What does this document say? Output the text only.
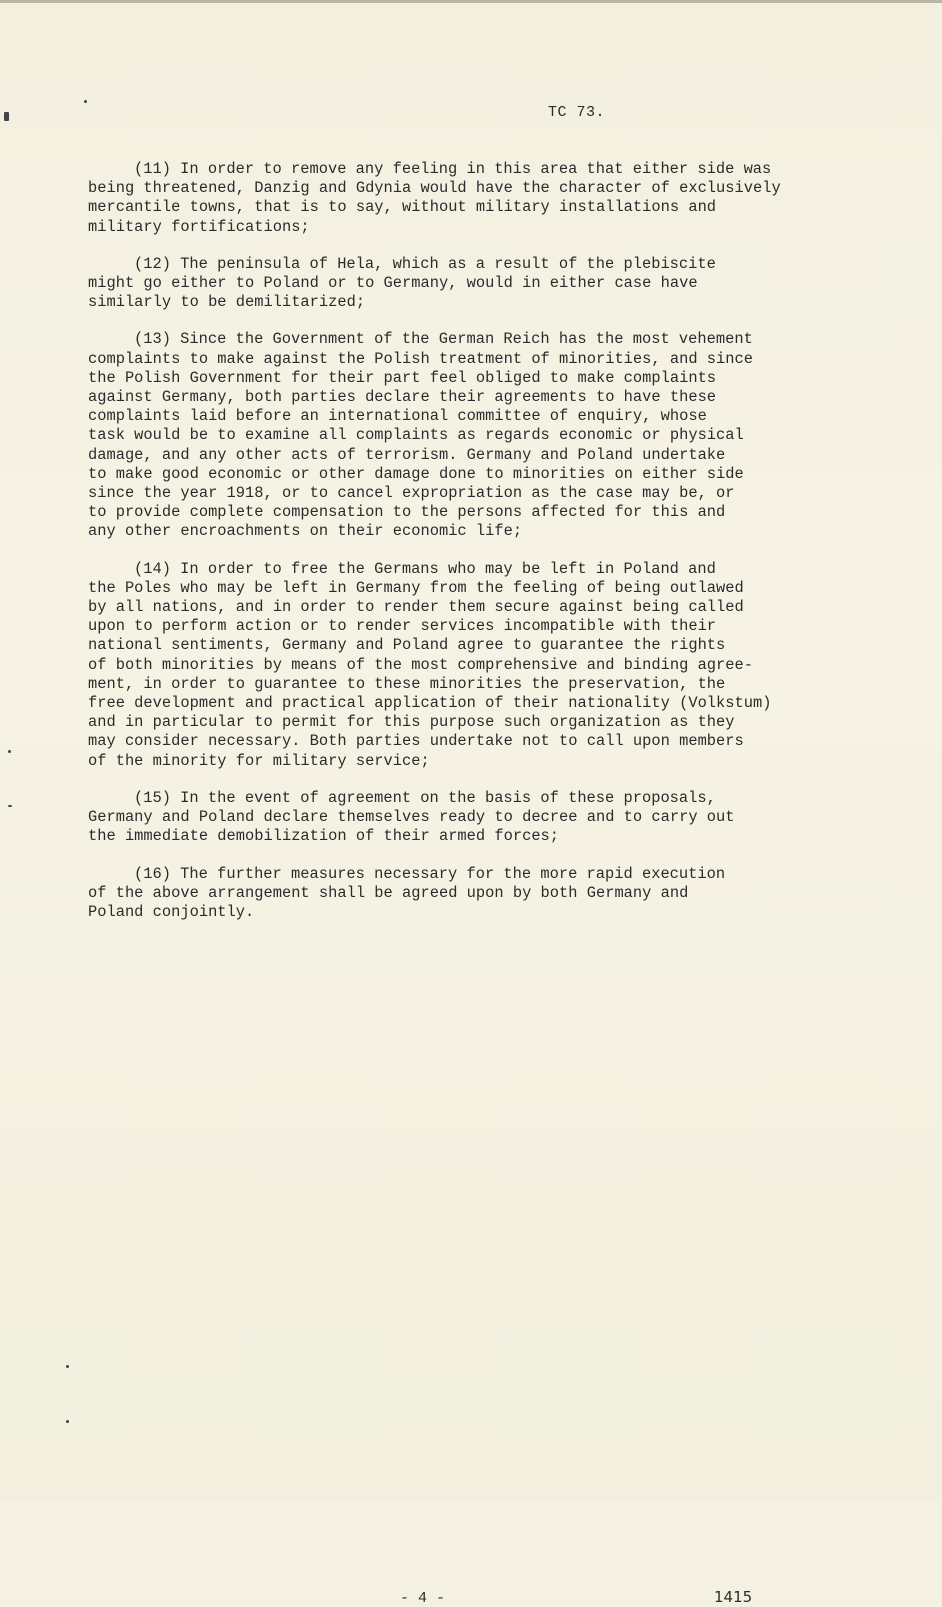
TC 73.

(11) In order to remove any feeling in this area that either side was
being threatened, Danzig and Gdynia would have the character of exclusively
mercantile towns, that is to say, without military installations and
military fortifications;

(12) The peninsula of Hela, which as a result of the plebiscite
might go either to Poland or to Germany, would in either case have
similarly to be demilitarized;

(13) Since the Government of the German Reich has the most vehement
complaints to make against the Polish treatment of minorities, and since
the Polish Government for their part feel obliged to make complaints
against Germany, both parties declare their agreements to have these
complaints laid before an international committee of enquiry, whose
task would be to examine all complaints as regards economic or physical
damage, and any other acts of terrorism. Germany and Poland undertake
to make good economic or other damage done to minorities on either side
since the year 1918, or to cancel expropriation as the case may be, or
to provide complete compensation to the persons affected for this and
any other encroachments on their economic life;

(14) In order to free the Germans who may be left in Poland and
the Poles who may be left in Germany from the feeling of being outlawed
by all nations, and in order to render them secure against being called
upon to perform action or to render services incompatible with their
national sentiments, Germany and Poland agree to guarantee the rights
of both minorities by means of the most comprehensive and binding agree-
ment, in order to guarantee to these minorities the preservation, the
free development and practical application of their nationality (Volkstum)
and in particular to permit for this purpose such organization as they
may consider necessary. Both parties undertake not to call upon members
of the minority for military service;

(15) In the event of agreement on the basis of these proposals,
Germany and Poland declare themselves ready to decree and to carry out
the immediate demobilization of their armed forces;

(16) The further measures necessary for the more rapid execution
of the above arrangement shall be agreed upon by both Germany and
Poland conjointly.

- 4 -	1415
